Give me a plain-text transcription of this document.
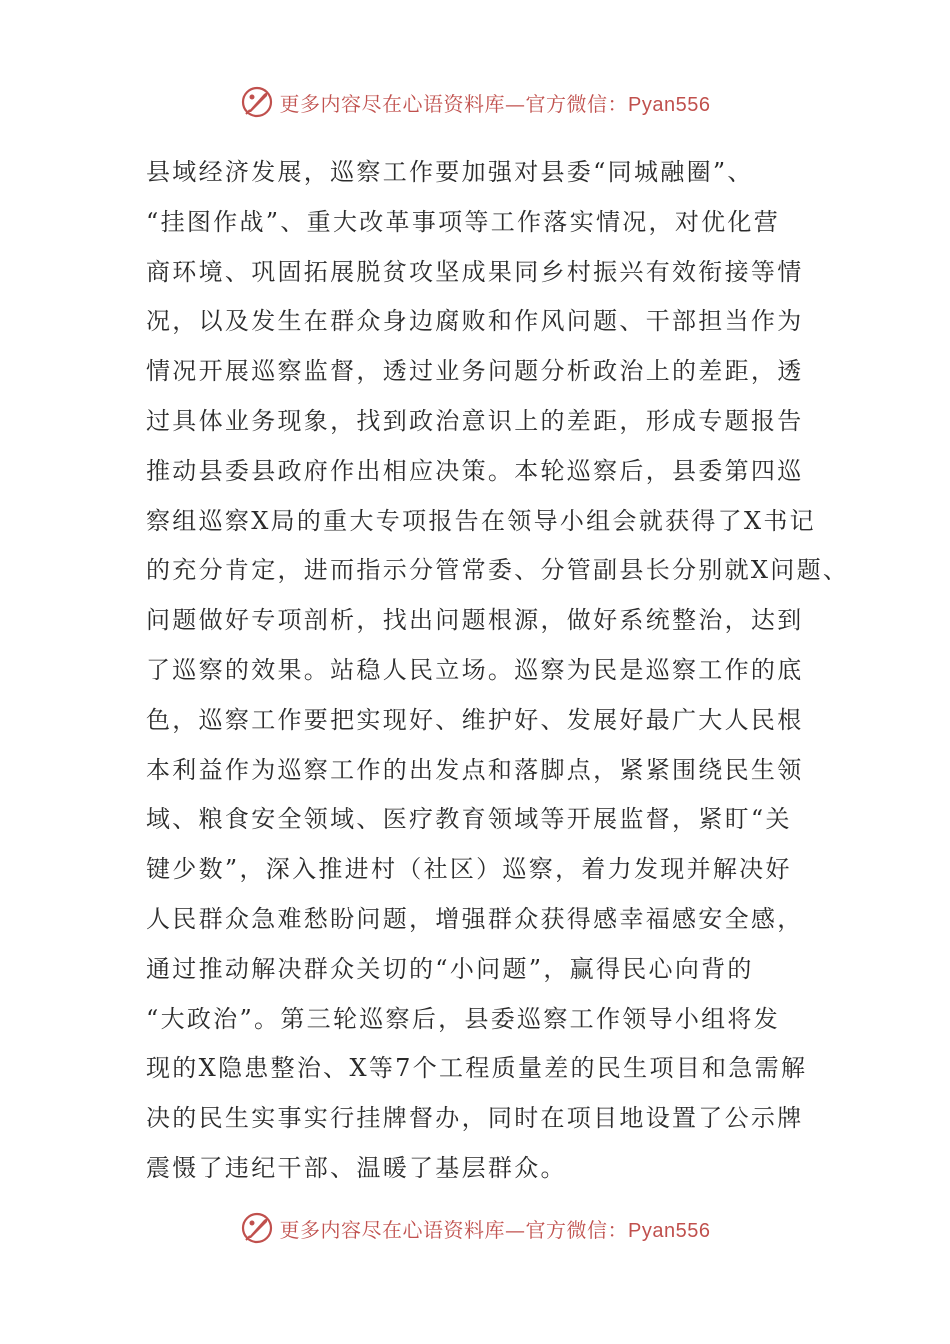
更多内容尽在心语资料库—官方微信：Pyan556
县域经济发展，巡察工作要加强对县委“同城融圈”、
“挂图作战”、重大改革事项等工作落实情况，对优化营
商环境、巩固拓展脱贫攻坚成果同乡村振兴有效衔接等情
况，以及发生在群众身边腐败和作风问题、干部担当作为
情况开展巡察监督，透过业务问题分析政治上的差距，透
过具体业务现象，找到政治意识上的差距，形成专题报告
推动县委县政府作出相应决策。本轮巡察后，县委第四巡
察组巡察X局的重大专项报告在领导小组会就获得了X书记
的充分肯定，进而指示分管常委、分管副县长分别就X问题、
问题做好专项剖析，找出问题根源，做好系统整治，达到
了巡察的效果。站稳人民立场。巡察为民是巡察工作的底
色，巡察工作要把实现好、维护好、发展好最广大人民根
本利益作为巡察工作的出发点和落脚点，紧紧围绕民生领
域、粮食安全领域、医疗教育领域等开展监督，紧盯“关
键少数”，深入推进村（社区）巡察，着力发现并解决好
人民群众急难愁盼问题，增强群众获得感幸福感安全感，
通过推动解决群众关切的“小问题”，赢得民心向背的
“大政治”。第三轮巡察后，县委巡察工作领导小组将发
现的X隐患整治、X等7个工程质量差的民生项目和急需解
决的民生实事实行挂牌督办，同时在项目地设置了公示牌
震慑了违纪干部、温暖了基层群众。
更多内容尽在心语资料库—官方微信：Pyan556
